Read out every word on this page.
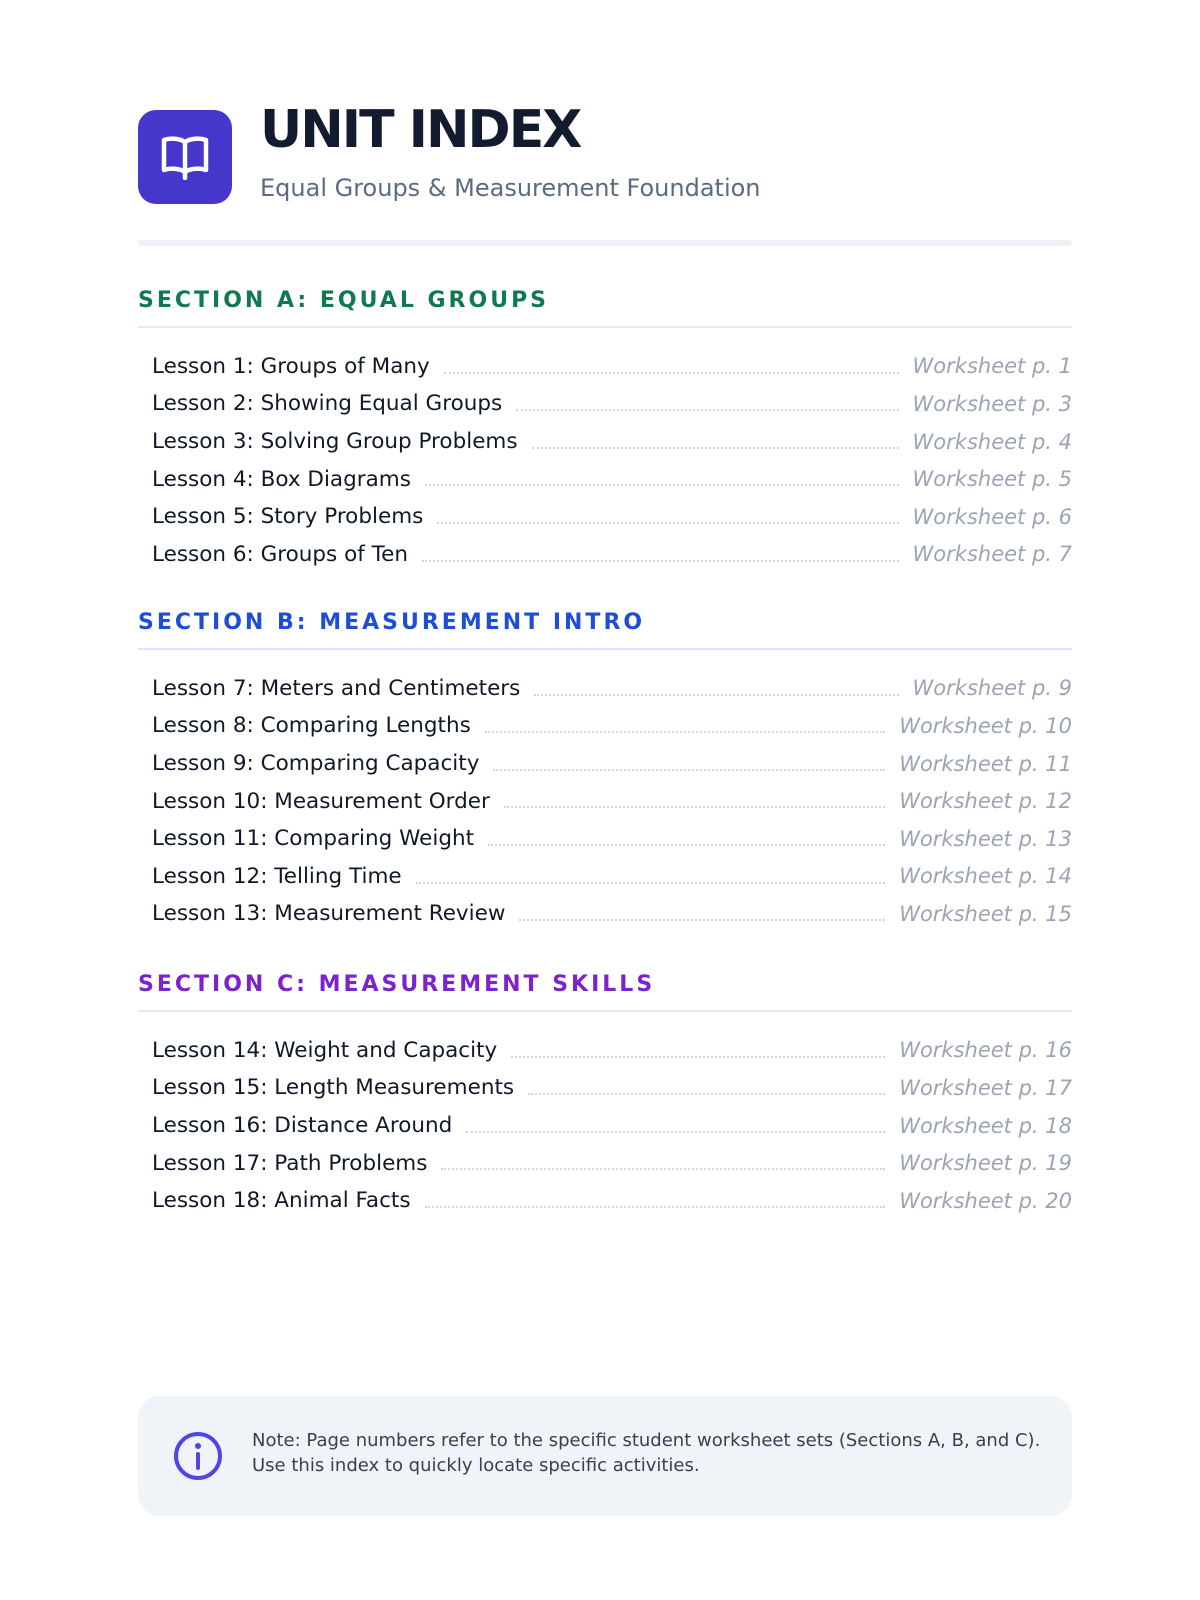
UNIT INDEX
Equal Groups & Measurement Foundation
SECTION A: EQUAL GROUPS
Lesson 1: Groups of Many	Worksheet p. 1
Lesson 2: Showing Equal Groups	Worksheet p. 3
Lesson 3: Solving Group Problems	Worksheet p. 4
Lesson 4: Box Diagrams	Worksheet p. 5
Lesson 5: Story Problems	Worksheet p. 6
Lesson 6: Groups of Ten	Worksheet p. 7
SECTION B: MEASUREMENT INTRO
Lesson 7: Meters and Centimeters	Worksheet p. 9
Lesson 8: Comparing Lengths	Worksheet p. 10
Lesson 9: Comparing Capacity	Worksheet p. 11
Lesson 10: Measurement Order	Worksheet p. 12
Lesson 11: Comparing Weight	Worksheet p. 13
Lesson 12: Telling Time	Worksheet p. 14
Lesson 13: Measurement Review	Worksheet p. 15
SECTION C: MEASUREMENT SKILLS
Lesson 14: Weight and Capacity	Worksheet p. 16
Lesson 15: Length Measurements	Worksheet p. 17
Lesson 16: Distance Around	Worksheet p. 18
Lesson 17: Path Problems	Worksheet p. 19
Lesson 18: Animal Facts	Worksheet p. 20
Note: Page numbers refer to the specific student worksheet sets (Sections A, B, and C). Use this index to quickly locate specific activities.
